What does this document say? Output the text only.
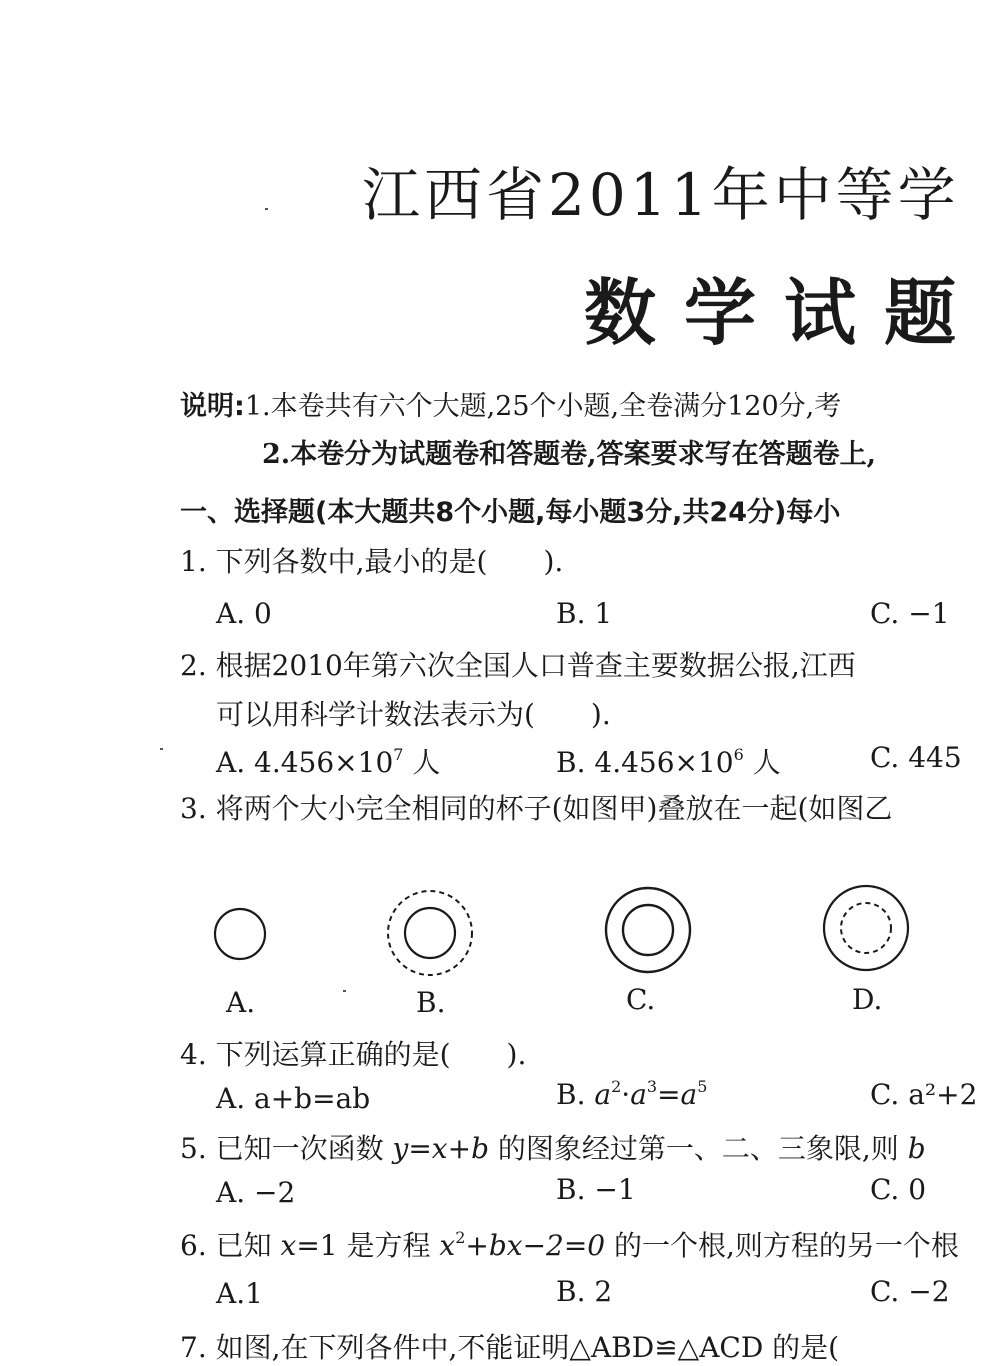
江西省2011年中等学
数学试题
说明:1.本卷共有六个大题,25个小题,全卷满分120分,考
2.本卷分为试题卷和答题卷,答案要求写在答题卷上,
一、选择题(本大题共8个小题,每小题3分,共24分)每小
1. 下列各数中,最小的是(　　).
A. 0	B. 1	C. −1
2. 根据2010年第六次全国人口普查主要数据公报,江西
可以用科学计数法表示为(　　).
A. $4.456\times 10^7$ 人	B. $4.456\times 10^6$ 人	C. 445
3. 将两个大小完全相同的杯子(如图甲)叠放在一起(如图乙
A.	B.	C.	D.
4. 下列运算正确的是(　　).
A. a+b=ab	B. $a^2\cdot a^3=a^5$	C. a²+2
5. 已知一次函数 y=x+b 的图象经过第一、二、三象限,则 b
A. −2	B. −1	C. 0
6. 已知 x=1 是方程 $x^2+bx-2=0$ 的一个根,则方程的另一个根
A.1	B. 2	C. −2
7. 如图,在下列各件中,不能证明△ABD≌△ACD 的是(
